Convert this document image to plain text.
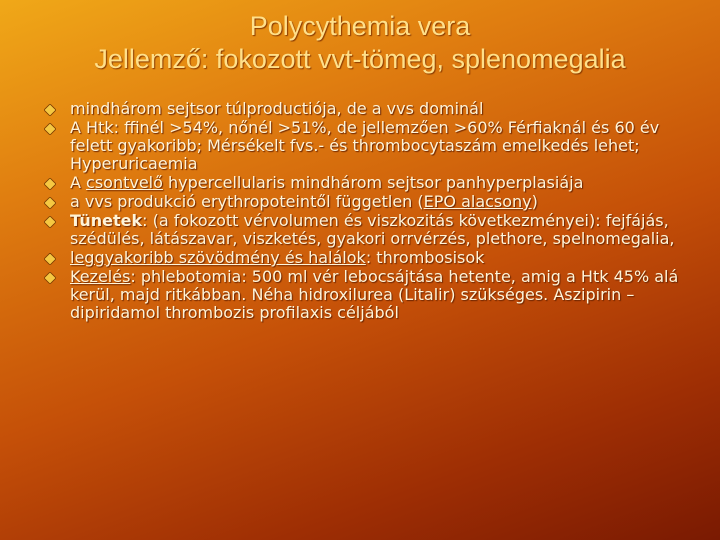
Polycythemia vera
Jellemző: fokozott vvt-tömeg, splenomegalia
mindhárom sejtsor túlproductiója, de a vvs dominál
A Htk: ffinél >54%, nőnél >51%, de jellemzően >60% Férfiaknál és 60 év felett gyakoribb; Mérsékelt fvs.- és thrombocytaszám emelkedés lehet; Hyperuricaemia
A csontvelő hypercellularis mindhárom sejtsor panhyperplasiája
a vvs produkció erythropoteintől független (EPO alacsony)
Tünetek: (a fokozott vérvolumen és viszkozitás következményei): fejfájás, szédülés, látászavar, viszketés, gyakori orrvérzés, plethore, spelnomegalia,
leggyakoribb szövödmény és halálok: thrombosisok
Kezelés: phlebotomia: 500 ml vér lebocsájtása hetente, amig a Htk 45% alá kerül, majd ritkábban. Néha hidroxilurea (Litalir) szükséges. Aszipirin – dipiridamol thrombozis profilaxis céljából
